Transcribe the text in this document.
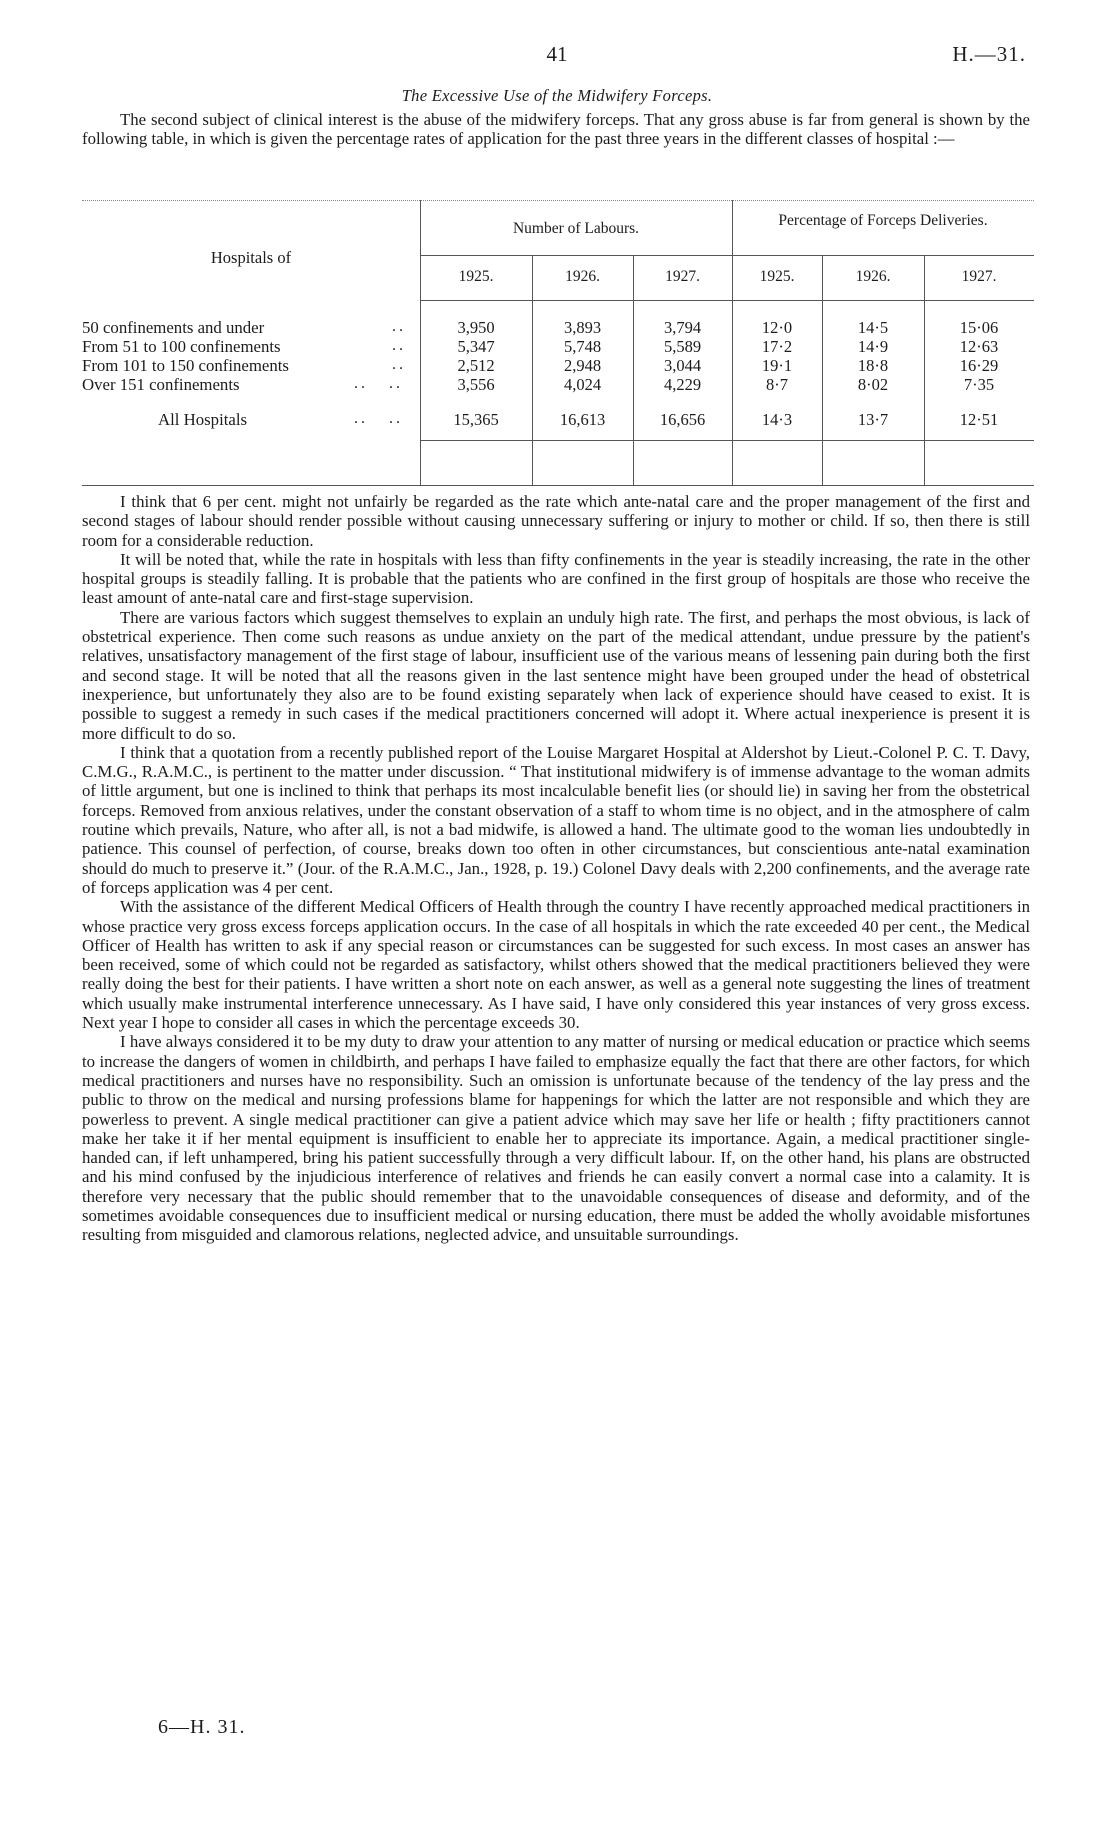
41	H.—31.
The Excessive Use of the Midwifery Forceps.

The second subject of clinical interest is the abuse of the midwifery forceps. That any gross abuse is far from general is shown by the following table, in which is given the percentage rates of application for the past three years in the different classes of hospital :—

Hospitals of
Number of Labours.	Percentage of Forceps Deliveries.
1925.	1926.	1927.	1925.	1926.	1927.
50 confinements and under	..	3,950	3,893	3,794	12·0	14·5	15·06
From 51 to 100 confinements	..	5,347	5,748	5,589	17·2	14·9	12·63
From 101 to 150 confinements	..	2,512	2,948	3,044	19·1	18·8	16·29
Over 151 confinements	.. ..	3,556	4,024	4,229	8·7	8·02	7·35
All Hospitals	.. ..	15,365	16,613	16,656	14·3	13·7	12·51

I think that 6 per cent. might not unfairly be regarded as the rate which ante-natal care and the proper management of the first and second stages of labour should render possible without causing unnecessary suffering or injury to mother or child. If so, then there is still room for a considerable reduction.

It will be noted that, while the rate in hospitals with less than fifty confinements in the year is steadily increasing, the rate in the other hospital groups is steadily falling. It is probable that the patients who are confined in the first group of hospitals are those who receive the least amount of ante-natal care and first-stage supervision.

There are various factors which suggest themselves to explain an unduly high rate. The first, and perhaps the most obvious, is lack of obstetrical experience. Then come such reasons as undue anxiety on the part of the medical attendant, undue pressure by the patient's relatives, unsatisfactory management of the first stage of labour, insufficient use of the various means of lessening pain during both the first and second stage. It will be noted that all the reasons given in the last sentence might have been grouped under the head of obstetrical inexperience, but unfortunately they also are to be found existing separately when lack of experience should have ceased to exist. It is possible to suggest a remedy in such cases if the medical practitioners concerned will adopt it. Where actual inexperience is present it is more difficult to do so.

I think that a quotation from a recently published report of the Louise Margaret Hospital at Aldershot by Lieut.-Colonel P. C. T. Davy, C.M.G., R.A.M.C., is pertinent to the matter under discussion. “ That institutional midwifery is of immense advantage to the woman admits of little argument, but one is inclined to think that perhaps its most incalculable benefit lies (or should lie) in saving her from the obstetrical forceps. Removed from anxious relatives, under the constant observation of a staff to whom time is no object, and in the atmosphere of calm routine which prevails, Nature, who after all, is not a bad midwife, is allowed a hand. The ultimate good to the woman lies undoubtedly in patience. This counsel of perfection, of course, breaks down too often in other circumstances, but conscientious ante-natal examination should do much to preserve it.” (Jour. of the R.A.M.C., Jan., 1928, p. 19.) Colonel Davy deals with 2,200 confinements, and the average rate of forceps application was 4 per cent.

With the assistance of the different Medical Officers of Health through the country I have recently approached medical practitioners in whose practice very gross excess forceps application occurs. In the case of all hospitals in which the rate exceeded 40 per cent., the Medical Officer of Health has written to ask if any special reason or circumstances can be suggested for such excess. In most cases an answer has been received, some of which could not be regarded as satisfactory, whilst others showed that the medical practitioners believed they were really doing the best for their patients. I have written a short note on each answer, as well as a general note suggesting the lines of treatment which usually make instrumental interference unnecessary. As I have said, I have only considered this year instances of very gross excess. Next year I hope to consider all cases in which the percentage exceeds 30.

I have always considered it to be my duty to draw your attention to any matter of nursing or medical education or practice which seems to increase the dangers of women in childbirth, and perhaps I have failed to emphasize equally the fact that there are other factors, for which medical practitioners and nurses have no responsibility. Such an omission is unfortunate because of the tendency of the lay press and the public to throw on the medical and nursing professions blame for happenings for which the latter are not responsible and which they are powerless to prevent. A single medical practitioner can give a patient advice which may save her life or health ; fifty practitioners cannot make her take it if her mental equipment is insufficient to enable her to appreciate its importance. Again, a medical practitioner single-handed can, if left unhampered, bring his patient successfully through a very difficult labour. If, on the other hand, his plans are obstructed and his mind confused by the injudicious interference of relatives and friends he can easily convert a normal case into a calamity. It is therefore very necessary that the public should remember that to the unavoidable consequences of disease and deformity, and of the sometimes avoidable consequences due to insufficient medical or nursing education, there must be added the wholly avoidable misfortunes resulting from misguided and clamorous relations, neglected advice, and unsuitable surroundings.

6—H. 31.
